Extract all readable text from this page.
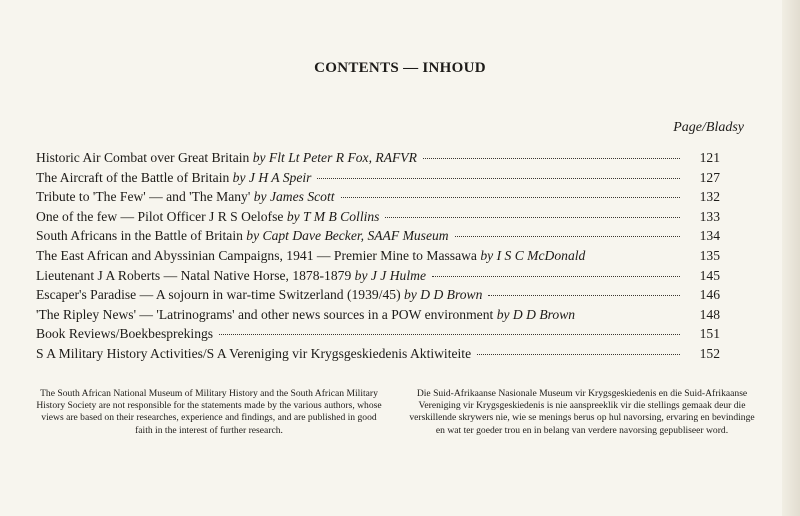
CONTENTS — INHOUD
Page/Bladsy
Historic Air Combat over Great Britain by Flt Lt Peter R Fox, RAFVR	121
The Aircraft of the Battle of Britain by J H A Speir	127
Tribute to 'The Few' — and 'The Many' by James Scott	132
One of the few — Pilot Officer J R S Oelofse by T M B Collins	133
South Africans in the Battle of Britain by Capt Dave Becker, SAAF Museum	134
The East African and Abyssinian Campaigns, 1941 — Premier Mine to Massawa by I S C McDonald	135
Lieutenant J A Roberts — Natal Native Horse, 1878-1879 by J J Hulme	145
Escaper's Paradise — A sojourn in war-time Switzerland (1939/45) by D D Brown	146
'The Ripley News' — 'Latrinograms' and other news sources in a POW environment by D D Brown	148
Book Reviews/Boekbesprekings	151
S A Military History Activities/S A Vereniging vir Krygsgeskiedenis Aktiwiteite	152
The South African National Museum of Military History and the South African Military History Society are not responsible for the statements made by the various authors, whose views are based on their researches, experience and findings, and are published in good faith in the interest of further research.
Die Suid-Afrikaanse Nasionale Museum vir Krygsgeskiedenis en die Suid-Afrikaanse Vereniging vir Krygsgeskiedenis is nie aanspreeklik vir die stellings gemaak deur die verskillende skrywers nie, wie se menings berus op hul navorsing, ervaring en bevindinge en wat ter goeder trou en in belang van verdere navorsing gepubliseer word.
